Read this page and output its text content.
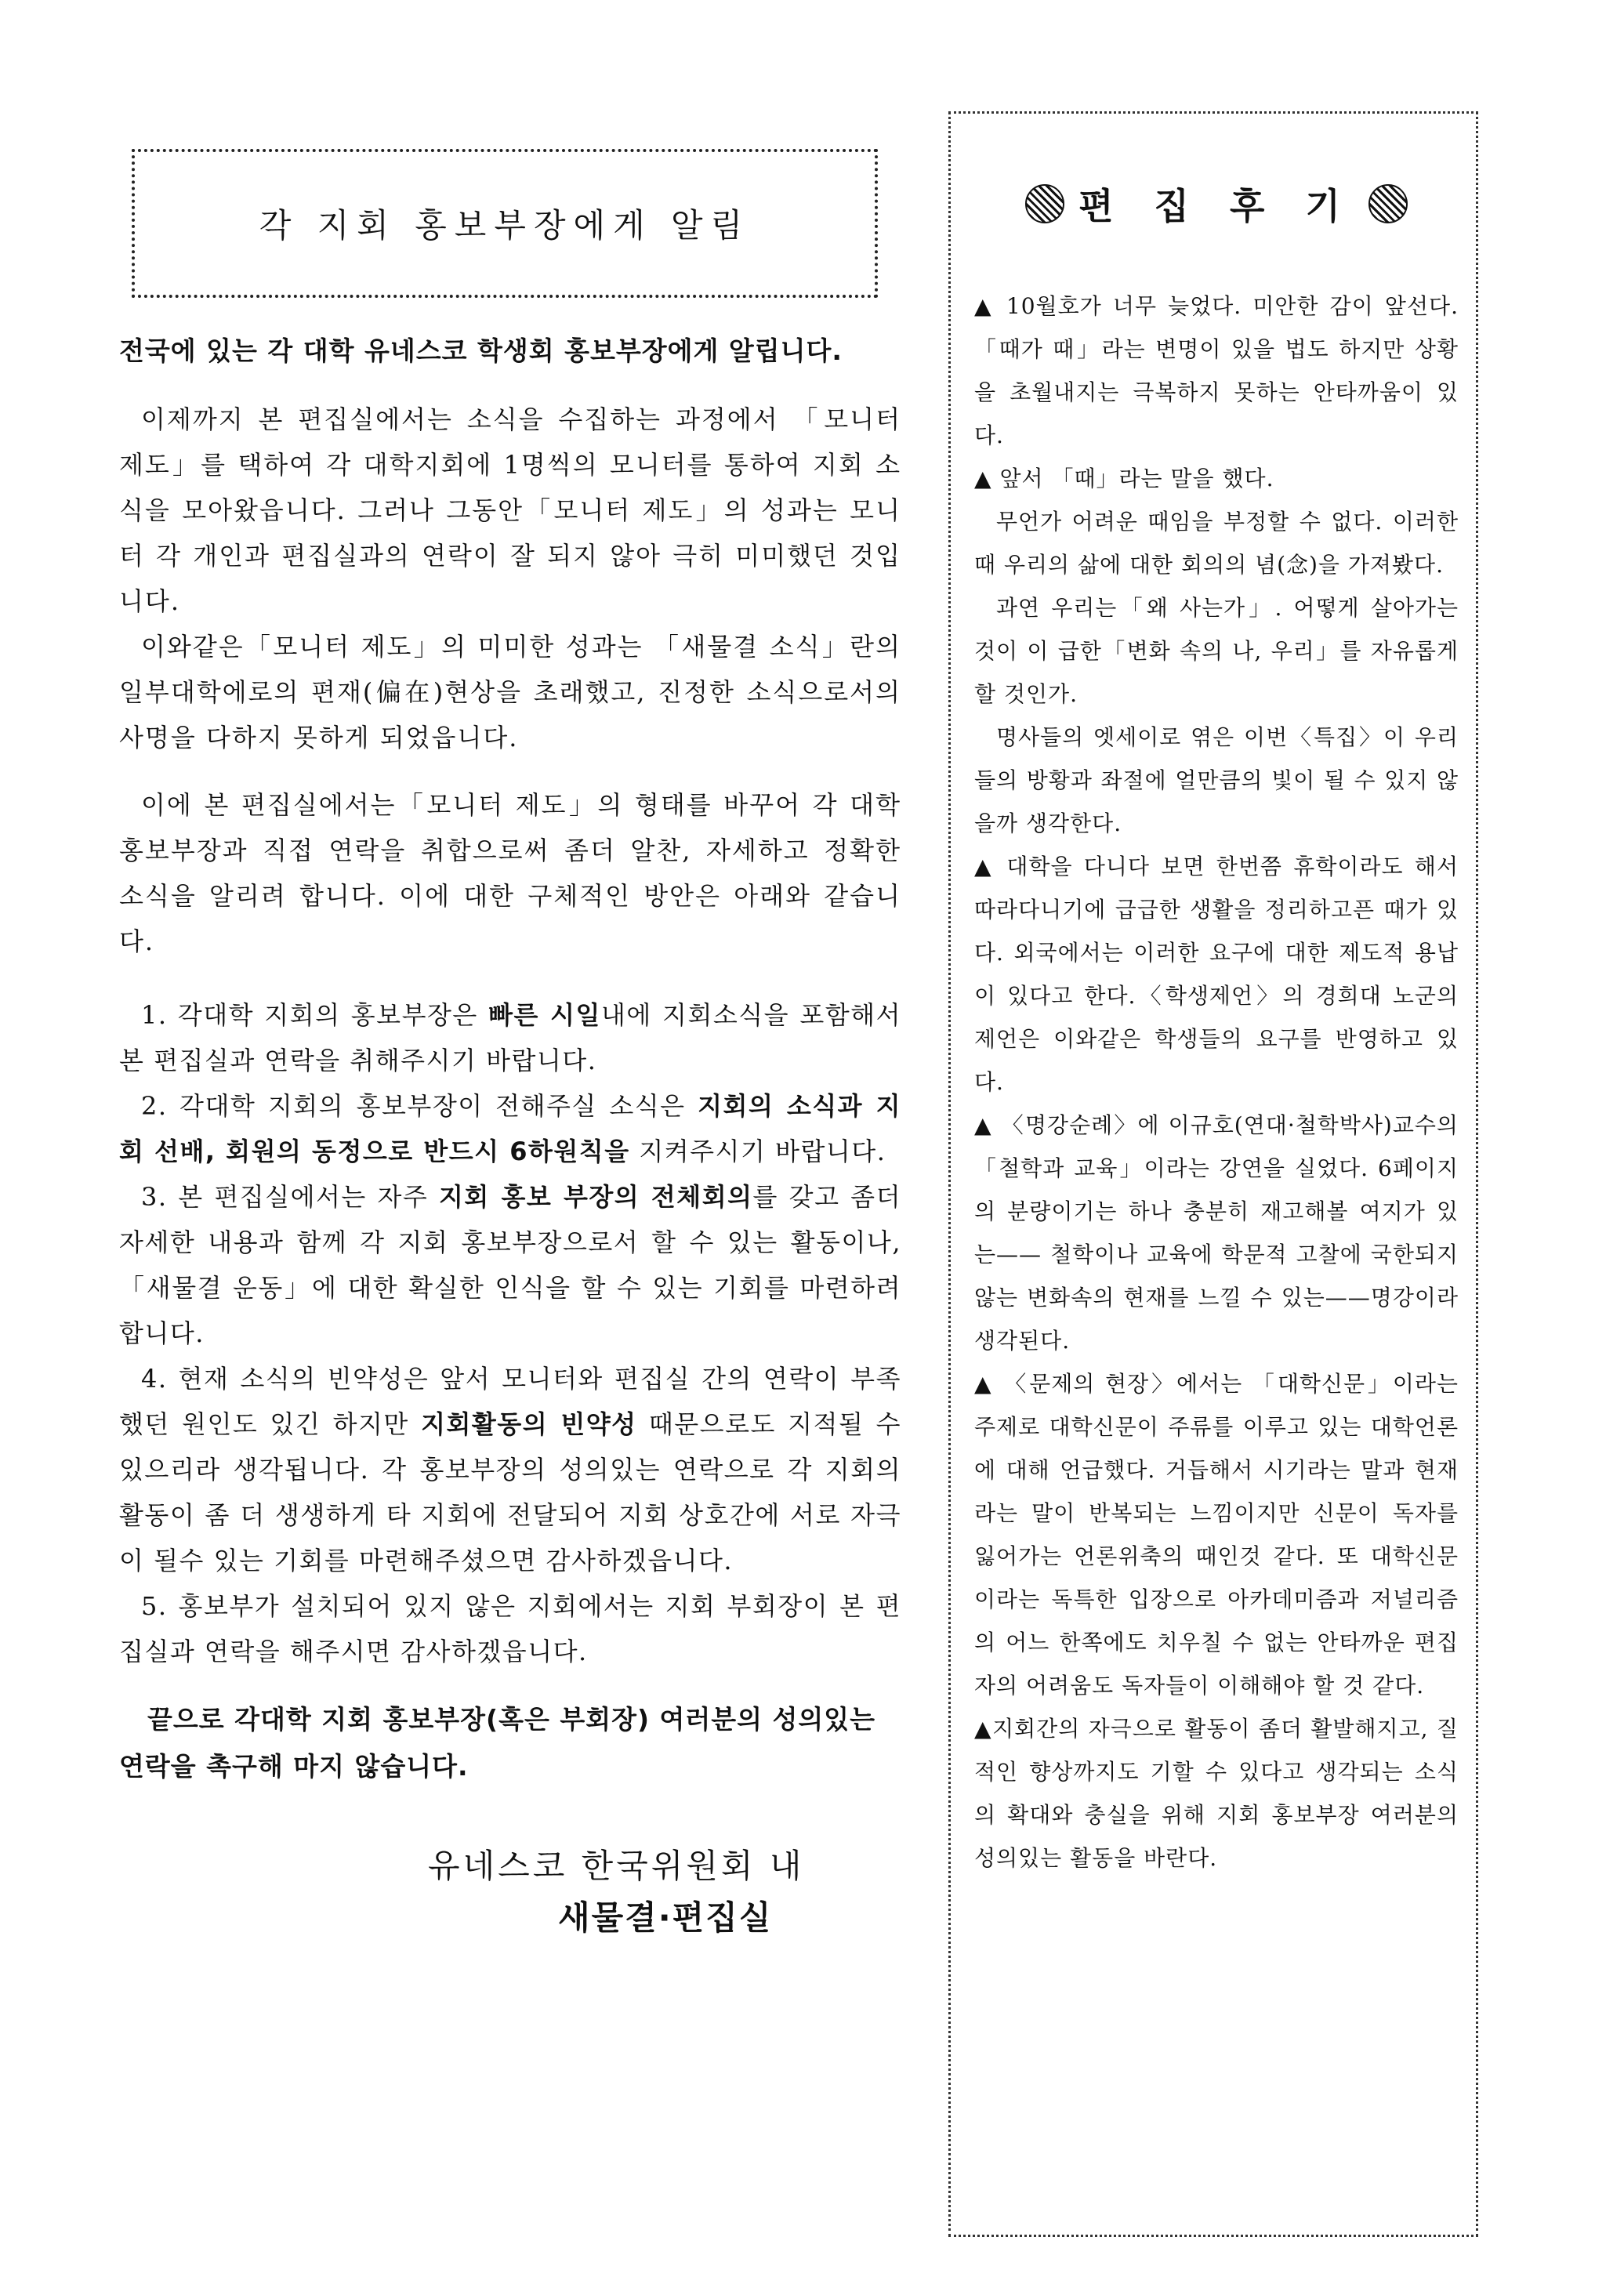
각 지회 홍보부장에게 알림

전국에 있는 각 대학 유네스코 학생회 홍보부장에게 알립니다.

이제까지 본 편집실에서는 소식을 수집하는 과정에서 「모니터 제도」를 택하여 각 대학지회에 1명씩의 모니터를 통하여 지회 소식을 모아왔읍니다. 그러나 그동안「모니터 제도」의 성과는 모니터 각 개인과 편집실과의 연락이 잘 되지 않아 극히 미미했던 것입니다.

이와같은「모니터 제도」의 미미한 성과는 「새물결 소식」란의 일부대학에로의 편재(偏在)현상을 초래했고, 진정한 소식으로서의 사명을 다하지 못하게 되었읍니다.

이에 본 편집실에서는「모니터 제도」의 형태를 바꾸어 각 대학 홍보부장과 직접 연락을 취합으로써 좀더 알찬, 자세하고 정확한 소식을 알리려 합니다. 이에 대한 구체적인 방안은 아래와 같습니다.

1. 각대학 지회의 홍보부장은 빠른 시일내에 지회소식을 포함해서 본 편집실과 연락을 취해주시기 바랍니다.

2. 각대학 지회의 홍보부장이 전해주실 소식은 지회의 소식과 지회 선배, 회원의 동정으로 반드시 6하원칙을 지켜주시기 바랍니다.

3. 본 편집실에서는 자주 지회 홍보 부장의 전체회의를 갖고 좀더 자세한 내용과 함께 각 지회 홍보부장으로서 할 수 있는 활동이나,「새물결 운동」에 대한 확실한 인식을 할 수 있는 기회를 마련하려 합니다.

4. 현재 소식의 빈약성은 앞서 모니터와 편집실 간의 연락이 부족했던 원인도 있긴 하지만 지회활동의 빈약성 때문으로도 지적될 수 있으리라 생각됩니다. 각 홍보부장의 성의있는 연락으로 각 지회의 활동이 좀 더 생생하게 타 지회에 전달되어 지회 상호간에 서로 자극이 될수 있는 기회를 마련해주셨으면 감사하겠읍니다.

5. 홍보부가 설치되어 있지 않은 지회에서는 지회 부회장이 본 편집실과 연락을 해주시면 감사하겠읍니다.

끝으로 각대학 지회 홍보부장(혹은 부회장) 여러분의 성의있는 연락을 촉구해 마지 않습니다.

유네스코 한국위원회 내
새물결·편집실
편 집 후 기

▲ 10월호가 너무 늦었다. 미안한 감이 앞선다. 「때가 때」라는 변명이 있을 법도 하지만 상황을 초월내지는 극복하지 못하는 안타까움이 있다.

▲ 앞서 「때」라는 말을 했다.

무언가 어려운 때임을 부정할 수 없다. 이러한 때 우리의 삶에 대한 회의의 념(念)을 가져봤다.

과연 우리는「왜 사는가」. 어떻게 살아가는 것이 이 급한「변화 속의 나, 우리」를 자유롭게 할 것인가.

명사들의 엣세이로 엮은 이번〈특집〉이 우리들의 방황과 좌절에 얼만큼의 빛이 될 수 있지 않을까 생각한다.

▲ 대학을 다니다 보면 한번쯤 휴학이라도 해서 따라다니기에 급급한 생활을 정리하고픈 때가 있다. 외국에서는 이러한 요구에 대한 제도적 용납이 있다고 한다.〈학생제언〉의 경희대 노군의 제언은 이와같은 학생들의 요구를 반영하고 있다.

▲ 〈명강순례〉에 이규호(연대·철학박사)교수의「철학과 교육」이라는 강연을 실었다. 6페이지의 분량이기는 하나 충분히 재고해볼 여지가 있는—— 철학이나 교육에 학문적 고찰에 국한되지않는 변화속의 현재를 느낄 수 있는——명강이라 생각된다.

▲ 〈문제의 현장〉에서는 「대학신문」이라는 주제로 대학신문이 주류를 이루고 있는 대학언론에 대해 언급했다. 거듭해서 시기라는 말과 현재라는 말이 반복되는 느낌이지만 신문이 독자를 잃어가는 언론위축의 때인것 같다. 또 대학신문이라는 독특한 입장으로 아카데미즘과 저널리즘의 어느 한쪽에도 치우칠 수 없는 안타까운 편집자의 어려움도 독자들이 이해해야 할 것 같다.

▲지회간의 자극으로 활동이 좀더 활발해지고, 질적인 향상까지도 기할 수 있다고 생각되는 소식의 확대와 충실을 위해 지회 홍보부장 여러분의 성의있는 활동을 바란다.
